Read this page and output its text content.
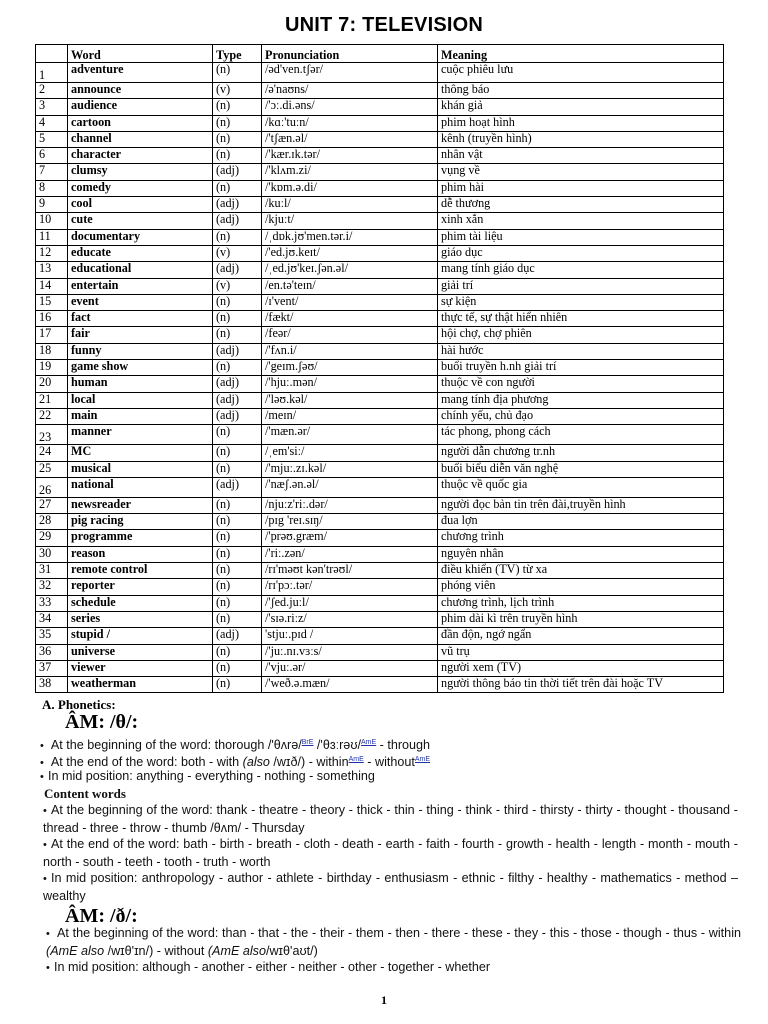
UNIT 7: TELEVISION
	Word	Type	Pronunciation	Meaning
1	adventure	(n)	/əd'ven.tʃər/	cuộc phiêu lưu
2	announce	(v)	/ə'naʊns/	thông báo
3	audience	(n)	/'ɔː.di.əns/	khán giả
4	cartoon	(n)	/kɑː'tuːn/	phim hoạt hình
5	channel	(n)	/'tʃæn.əl/	kênh (truyền hình)
6	character	(n)	/'kær.ɪk.tər/	nhân vật
7	clumsy	(adj)	/'klʌm.zi/	vụng về
8	comedy	(n)	/'kɒm.ə.di/	phim hài
9	cool	(adj)	/kuːl/	dễ thương
10	cute	(adj)	/kjuːt/	xinh xắn
11	documentary	(n)	/ˌdɒk.jʊ'men.tər.i/	phim tài liệu
12	educate	(v)	/'ed.jʊ.keɪt/	giáo dục
13	educational	(adj)	/ˌed.jʊ'keɪ.ʃən.əl/	mang tính giáo dục
14	entertain	(v)	/en.tə'teɪn/	giải trí
15	event	(n)	/ɪ'vent/	sự kiện
16	fact	(n)	/fækt/	thực tế, sự thật hiển nhiên
17	fair	(n)	/feər/	hội chợ, chợ phiên
18	funny	(adj)	/'fʌn.i/	hài hước
19	game show	(n)	/'geɪm.ʃəʊ/	buổi truyền h.nh giải trí
20	human	(adj)	/'hjuː.mən/	thuộc về con người
21	local	(adj)	/'ləʊ.kəl/	mang tính địa phương
22	main	(adj)	/meɪn/	chính yếu, chủ đạo
23	manner	(n)	/'mæn.ər/	tác phong, phong cách
24	MC	(n)	/ˌem'siː/	người dẫn chương tr.nh
25	musical	(n)	/'mjuː.zɪ.kəl/	buổi biểu diễn văn nghệ
26	national	(adj)	/'næʃ.ən.əl/	thuộc về quốc gia
27	newsreader	(n)	/njuːz'riː.dər/	người đọc bản tin trên đài,truyền hình
28	pig racing	(n)	/pɪg 'reɪ.sɪŋ/	đua lợn
29	programme	(n)	/'prəʊ.græm/	chương trình
30	reason	(n)	/'riː.zən/	nguyên nhân
31	remote control	(n)	/rɪ'məʊt kən'trəʊl/	điều khiển (TV) từ xa
32	reporter	(n)	/rɪ'pɔː.tər/	phóng viên
33	schedule	(n)	/'ʃed.juːl/	chương trình, lịch trình
34	series	(n)	/'sɪə.riːz/	phim dài kì trên truyền hình
35	stupid /	(adj)	'stjuː.pɪd /	đần độn, ngớ ngẩn
36	universe	(n)	/'juː.nɪ.vɜːs/	vũ trụ
37	viewer	(n)	/'vjuː.ər/	người xem (TV)
38	weatherman	(n)	/'weð.ə.mæn/	người thông báo tin thời tiết trên đài hoặc TV
A. Phonetics:
ÂM: /θ/:
• At the beginning of the word: thorough /'θʌrə/$^{BrE}$ /'θɜːrəʊ/$^{AmE}$ - through
• At the end of the word: both - with (also /wɪð/) - within$^{AmE}$ - without$^{AmE}$
• In mid position: anything - everything - nothing - something
Content words
• At the beginning of the word: thank - theatre - theory - thick - thin - thing - think - third - thirsty - thirty - thought - thousand - thread - three - throw - thumb /θʌm/ - Thursday
• At the end of the word: bath - birth - breath - cloth - death - earth - faith - fourth - growth - health - length - month - mouth - north - south - teeth - tooth - truth - worth
• In mid position: anthropology - author - athlete - birthday - enthusiasm - ethnic - filthy - healthy - mathematics - method – wealthy
ÂM: /ð/:
• At the beginning of the word: than - that - the - their - them - then - there - these - they - this - those - though - thus - within (AmE also /wɪθ'ɪn/) - without (AmE also/wɪθ'aʊt/)
• In mid position: although - another - either - neither - other - together - whether
1
